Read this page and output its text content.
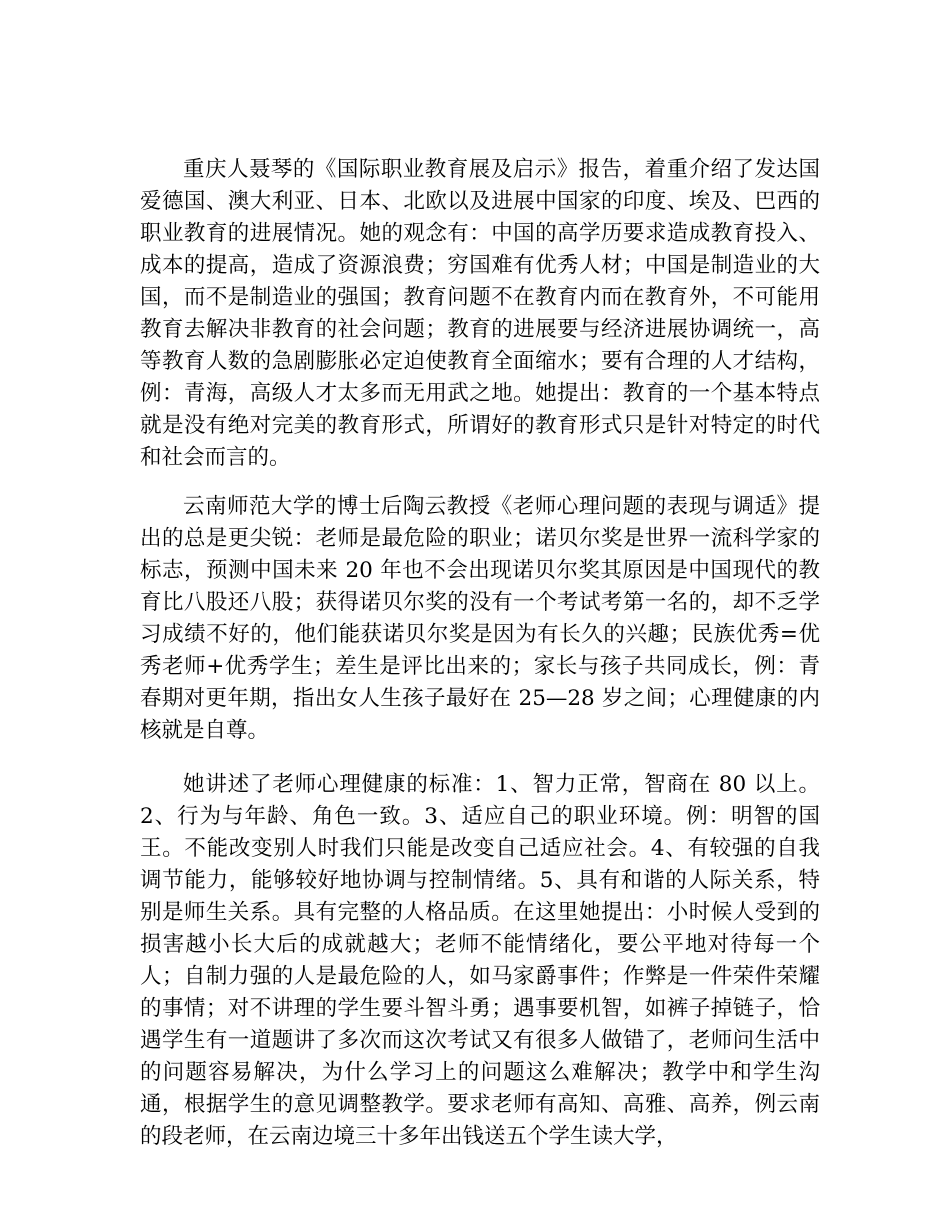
重庆人聂琴的《国际职业教育展及启示》报告，着重介绍了发达国爱德国、澳大利亚、日本、北欧以及进展中国家的印度、埃及、巴西的职业教育的进展情况。她的观念有：中国的高学历要求造成教育投入、成本的提高，造成了资源浪费；穷国难有优秀人材；中国是制造业的大国，而不是制造业的强国；教育问题不在教育内而在教育外，不可能用教育去解决非教育的社会问题；教育的进展要与经济进展协调统一，高等教育人数的急剧膨胀必定迫使教育全面缩水；要有合理的人才结构，例：青海，高级人才太多而无用武之地。她提出：教育的一个基本特点就是没有绝对完美的教育形式，所谓好的教育形式只是针对特定的时代和社会而言的。

云南师范大学的博士后陶云教授《老师心理问题的表现与调适》提出的总是更尖锐：老师是最危险的职业；诺贝尔奖是世界一流科学家的标志，预测中国未来 20 年也不会出现诺贝尔奖其原因是中国现代的教育比八股还八股；获得诺贝尔奖的没有一个考试考第一名的，却不乏学习成绩不好的，他们能获诺贝尔奖是因为有长久的兴趣；民族优秀=优秀老师+优秀学生；差生是评比出来的；家长与孩子共同成长，例：青春期对更年期，指出女人生孩子最好在 25—28 岁之间；心理健康的内核就是自尊。

她讲述了老师心理健康的标准：1、智力正常，智商在 80 以上。2、行为与年龄、角色一致。3、适应自己的职业环境。例：明智的国王。不能改变别人时我们只能是改变自己适应社会。4、有较强的自我调节能力，能够较好地协调与控制情绪。5、具有和谐的人际关系，特别是师生关系。具有完整的人格品质。在这里她提出：小时候人受到的损害越小长大后的成就越大；老师不能情绪化，要公平地对待每一个人；自制力强的人是最危险的人，如马家爵事件；作弊是一件荣件荣耀的事情；对不讲理的学生要斗智斗勇；遇事要机智，如裤子掉链子，恰遇学生有一道题讲了多次而这次考试又有很多人做错了，老师问生活中的问题容易解决，为什么学习上的问题这么难解决；教学中和学生沟通，根据学生的意见调整教学。要求老师有高知、高雅、高养，例云南的段老师，在云南边境三十多年出钱送五个学生读大学，
